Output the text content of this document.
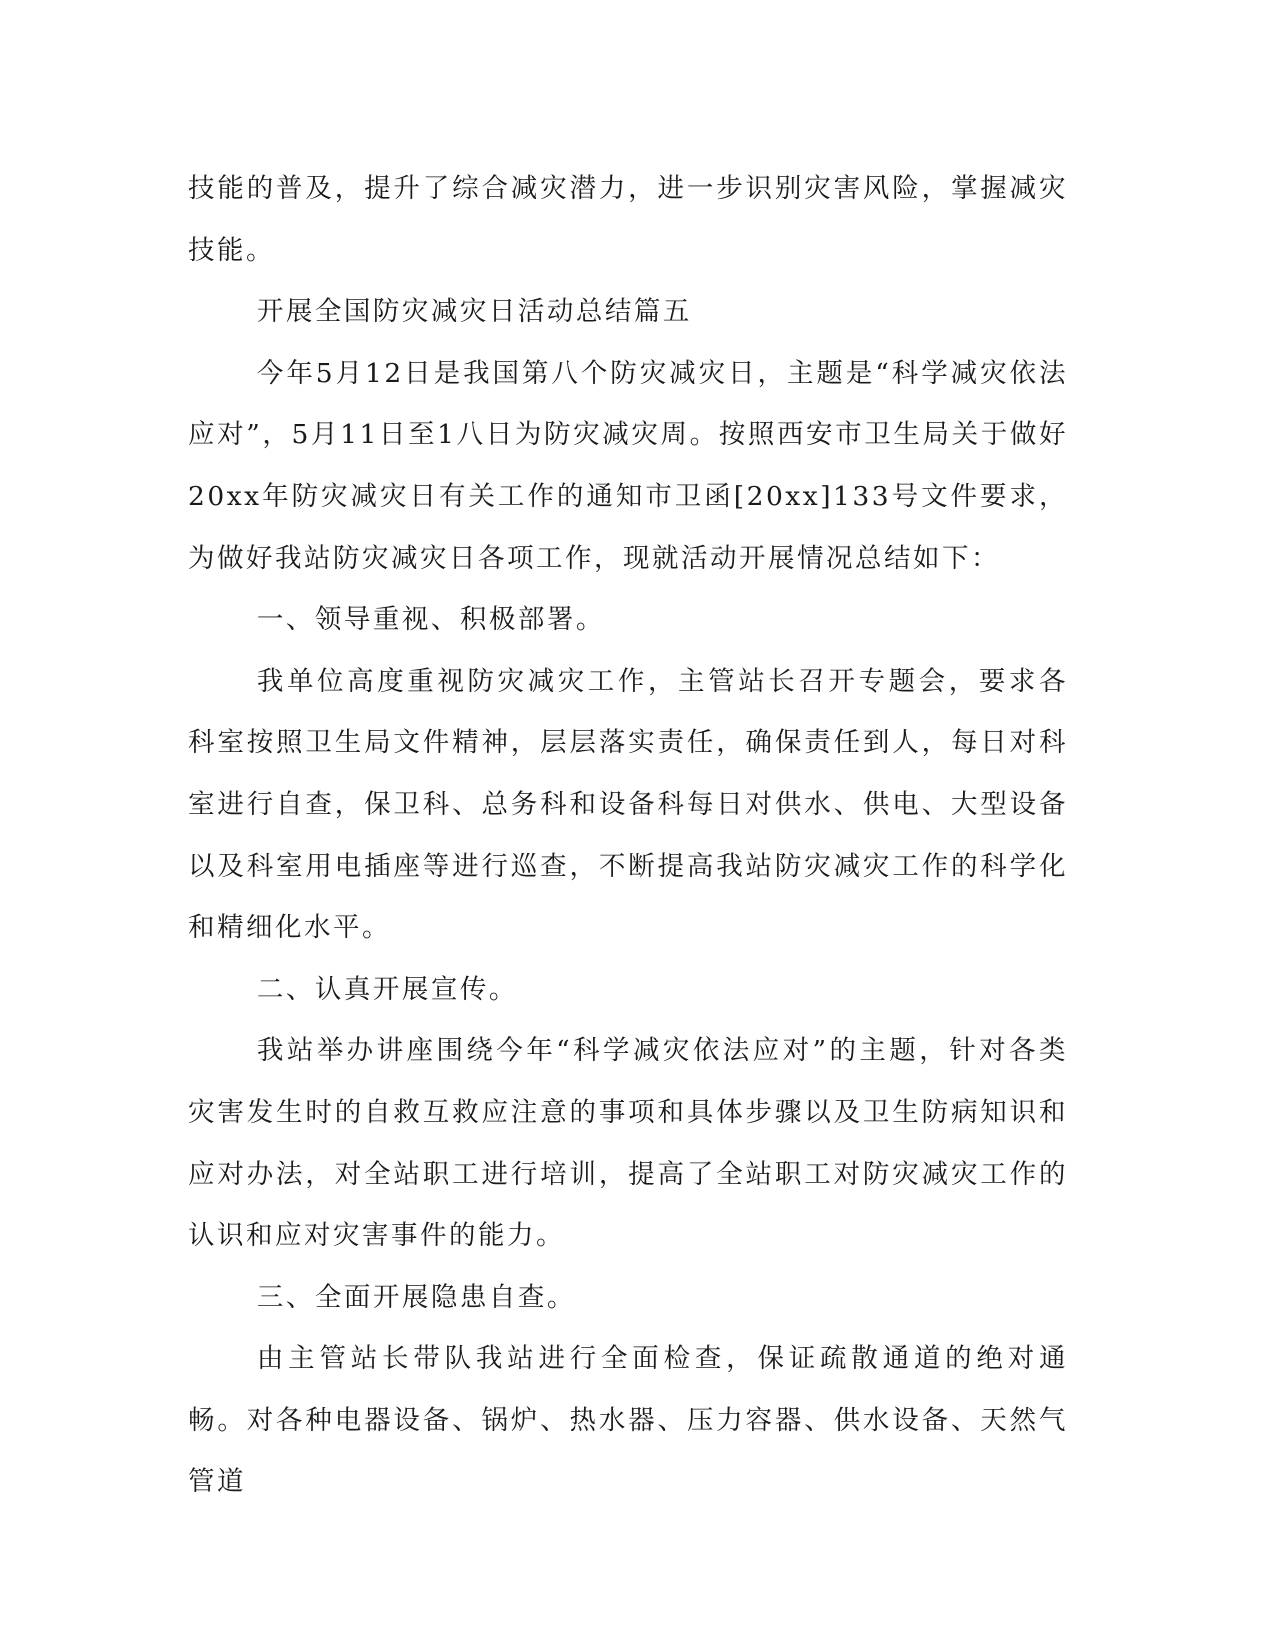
技能的普及，提升了综合减灾潜力，进一步识别灾害风险，掌握减灾技能。

开展全国防灾减灾日活动总结篇五

今年5月12日是我国第八个防灾减灾日，主题是“科学减灾依法应对”，5月11日至1八日为防灾减灾周。按照西安市卫生局关于做好20xx年防灾减灾日有关工作的通知市卫函[20xx]133号文件要求，为做好我站防灾减灾日各项工作，现就活动开展情况总结如下：

一、领导重视、积极部署。

我单位高度重视防灾减灾工作，主管站长召开专题会，要求各科室按照卫生局文件精神，层层落实责任，确保责任到人，每日对科室进行自查，保卫科、总务科和设备科每日对供水、供电、大型设备以及科室用电插座等进行巡查，不断提高我站防灾减灾工作的科学化和精细化水平。

二、认真开展宣传。

我站举办讲座围绕今年“科学减灾依法应对”的主题，针对各类灾害发生时的自救互救应注意的事项和具体步骤以及卫生防病知识和应对办法，对全站职工进行培训，提高了全站职工对防灾减灾工作的认识和应对灾害事件的能力。

三、全面开展隐患自查。

由主管站长带队我站进行全面检查，保证疏散通道的绝对通畅。对各种电器设备、锅炉、热水器、压力容器、供水设备、天然气管道
